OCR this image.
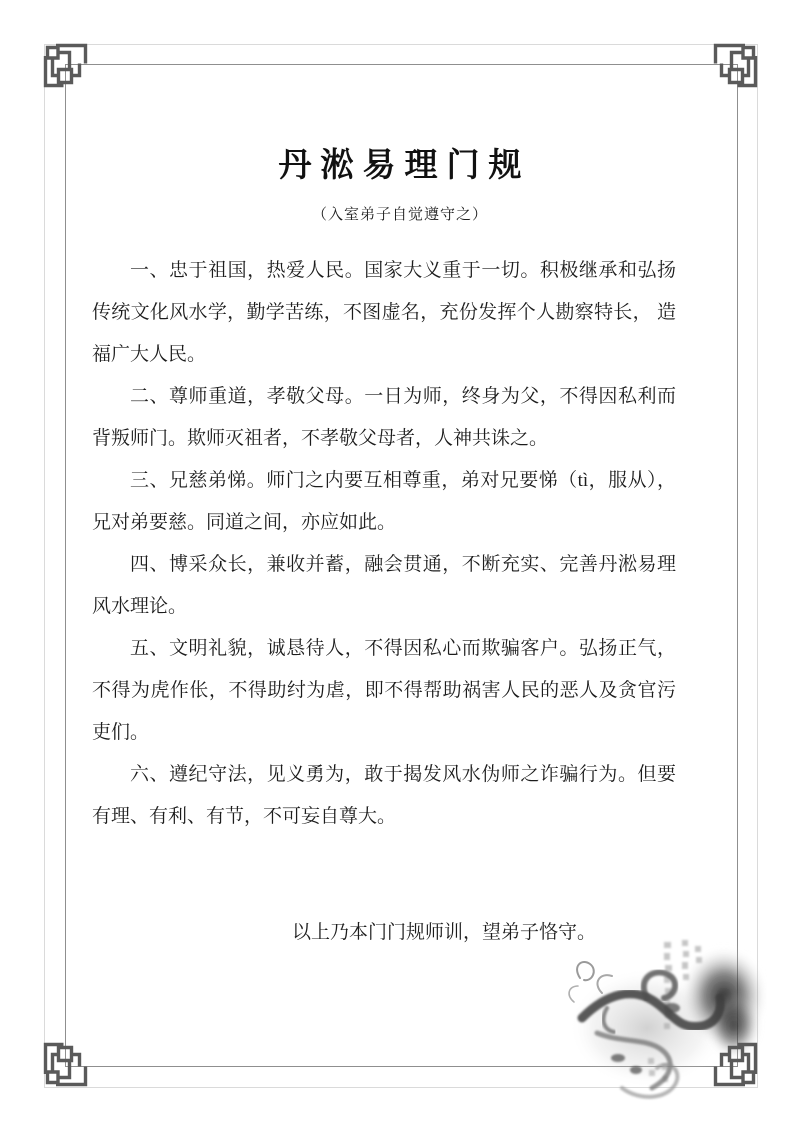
丹淞易理门规

（入室弟子自觉遵守之）

一、忠于祖国，热爱人民。国家大义重于一切。积极继承和弘扬传统文化风水学，勤学苦练，不图虚名，充份发挥个人勘察特长， 造福广大人民。

二、尊师重道，孝敬父母。一日为师，终身为父，不得因私利而背叛师门。欺师灭祖者，不孝敬父母者，人神共诛之。

三、兄慈弟悌。师门之内要互相尊重，弟对兄要悌（tì，服从），兄对弟要慈。同道之间，亦应如此。

四、博采众长，兼收并蓄，融会贯通，不断充实、完善丹淞易理风水理论。

五、文明礼貌，诚恳待人，不得因私心而欺骗客户。弘扬正气，不得为虎作伥，不得助纣为虐，即不得帮助祸害人民的恶人及贪官污吏们。

六、遵纪守法，见义勇为，敢于揭发风水伪师之诈骗行为。但要有理、有利、有节，不可妄自尊大。

以上乃本门门规师训，望弟子恪守。
